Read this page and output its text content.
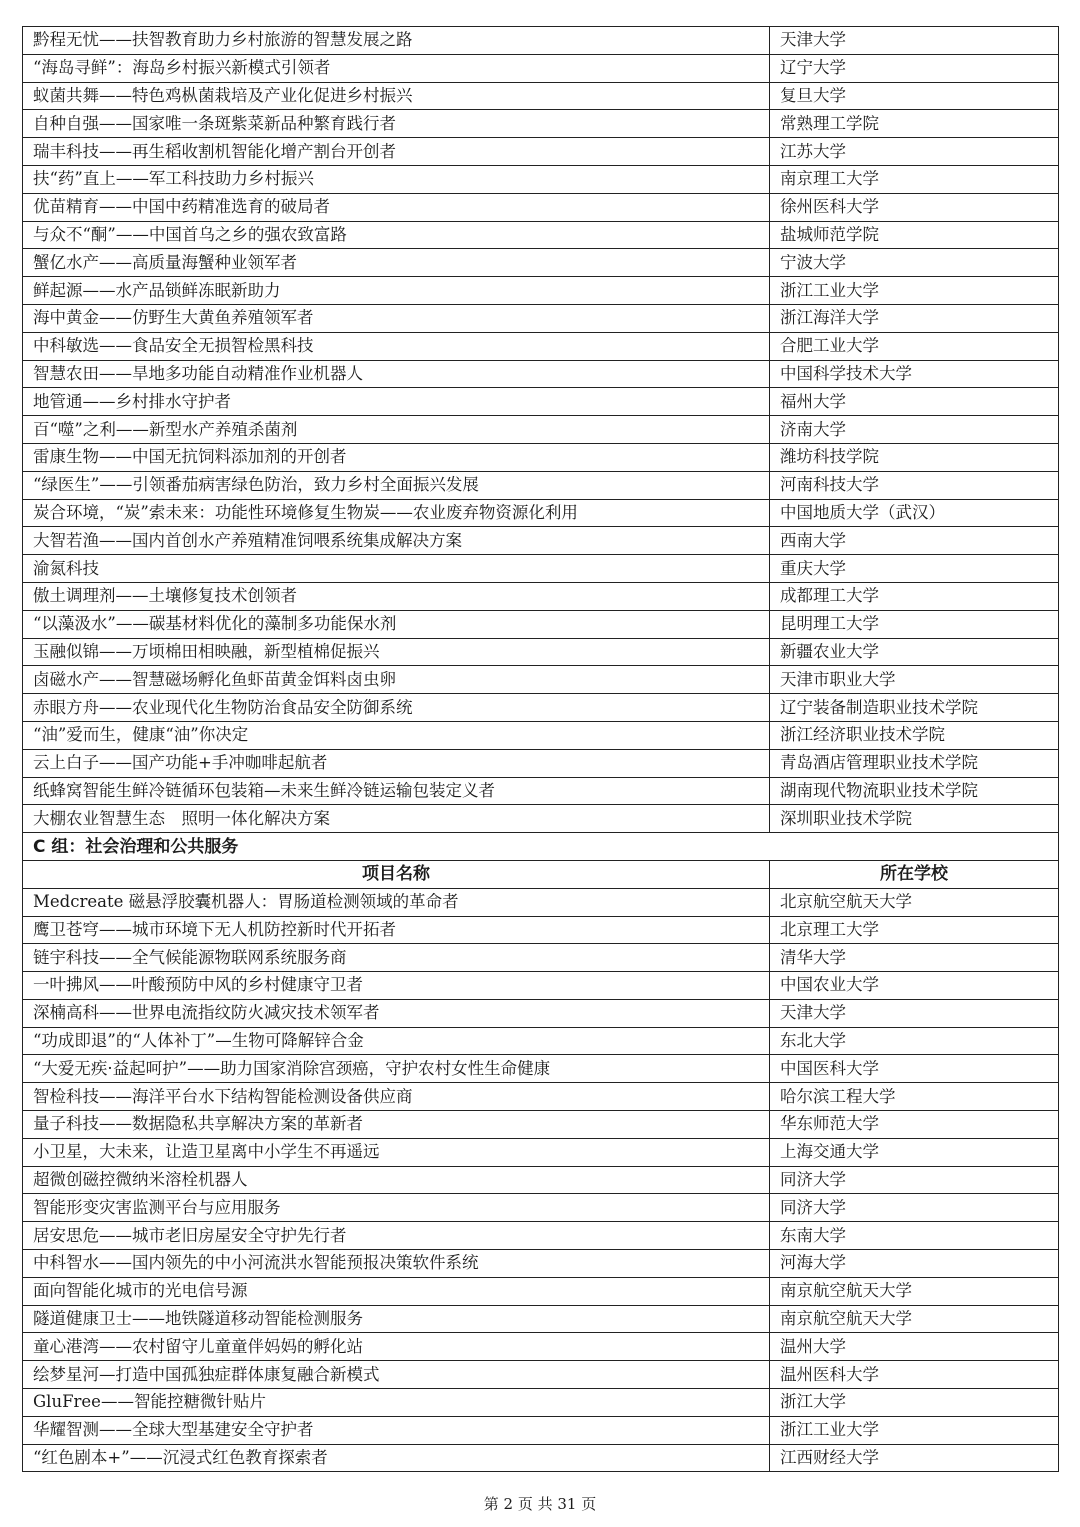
黔程无忧——扶智教育助力乡村旅游的智慧发展之路	天津大学
“海岛寻鲜”：海岛乡村振兴新模式引领者	辽宁大学
蚁菌共舞——特色鸡枞菌栽培及产业化促进乡村振兴	复旦大学
自种自强——国家唯一条斑紫菜新品种繁育践行者	常熟理工学院
瑞丰科技——再生稻收割机智能化增产割台开创者	江苏大学
扶“药”直上——军工科技助力乡村振兴	南京理工大学
优苗精育——中国中药精准选育的破局者	徐州医科大学
与众不“酮”——中国首乌之乡的强农致富路	盐城师范学院
蟹亿水产——高质量海蟹种业领军者	宁波大学
鲜起源——水产品锁鲜冻眠新助力	浙江工业大学
海中黄金——仿野生大黄鱼养殖领军者	浙江海洋大学
中科敏选——食品安全无损智检黑科技	合肥工业大学
智慧农田——旱地多功能自动精准作业机器人	中国科学技术大学
地管通——乡村排水守护者	福州大学
百“噬”之利——新型水产养殖杀菌剂	济南大学
雷康生物——中国无抗饲料添加剂的开创者	潍坊科技学院
“绿医生”——引领番茄病害绿色防治，致力乡村全面振兴发展	河南科技大学
炭合环境，“炭”索未来：功能性环境修复生物炭——农业废弃物资源化利用	中国地质大学（武汉）
大智若渔——国内首创水产养殖精准饲喂系统集成解决方案	西南大学
渝氮科技	重庆大学
傲土调理剂——土壤修复技术创领者	成都理工大学
“以藻汲水”——碳基材料优化的藻制多功能保水剂	昆明理工大学
玉融似锦——万顷棉田相映融，新型植棉促振兴	新疆农业大学
卤磁水产——智慧磁场孵化鱼虾苗黄金饵料卤虫卵	天津市职业大学
赤眼方舟——农业现代化生物防治食品安全防御系统	辽宁装备制造职业技术学院
“油”爱而生，健康“油”你决定	浙江经济职业技术学院
云上白子——国产功能+手冲咖啡起航者	青岛酒店管理职业技术学院
纸蜂窝智能生鲜冷链循环包装箱—未来生鲜冷链运输包装定义者	湖南现代物流职业技术学院
大棚农业智慧生态　照明一体化解决方案	深圳职业技术学院
C 组：社会治理和公共服务	
项目名称	所在学校
Medcreate 磁悬浮胶囊机器人：胃肠道检测领域的革命者	北京航空航天大学
鹰卫苍穹——城市环境下无人机防控新时代开拓者	北京理工大学
链宇科技——全气候能源物联网系统服务商	清华大学
一叶拂风——叶酸预防中风的乡村健康守卫者	中国农业大学
深楠高科——世界电流指纹防火减灾技术领军者	天津大学
“功成即退”的“人体补丁”—生物可降解锌合金	东北大学
“大爱无疾·益起呵护”——助力国家消除宫颈癌，守护农村女性生命健康	中国医科大学
智检科技——海洋平台水下结构智能检测设备供应商	哈尔滨工程大学
量子科技——数据隐私共享解决方案的革新者	华东师范大学
小卫星，大未来，让造卫星离中小学生不再遥远	上海交通大学
超微创磁控微纳米溶栓机器人	同济大学
智能形变灾害监测平台与应用服务	同济大学
居安思危——城市老旧房屋安全守护先行者	东南大学
中科智水——国内领先的中小河流洪水智能预报决策软件系统	河海大学
面向智能化城市的光电信号源	南京航空航天大学
隧道健康卫士——地铁隧道移动智能检测服务	南京航空航天大学
童心港湾——农村留守儿童童伴妈妈的孵化站	温州大学
绘梦星河—打造中国孤独症群体康复融合新模式	温州医科大学
GluFree——智能控糖微针贴片	浙江大学
华耀智测——全球大型基建安全守护者	浙江工业大学
“红色剧本+”——沉浸式红色教育探索者	江西财经大学
第 2 页 共 31 页
